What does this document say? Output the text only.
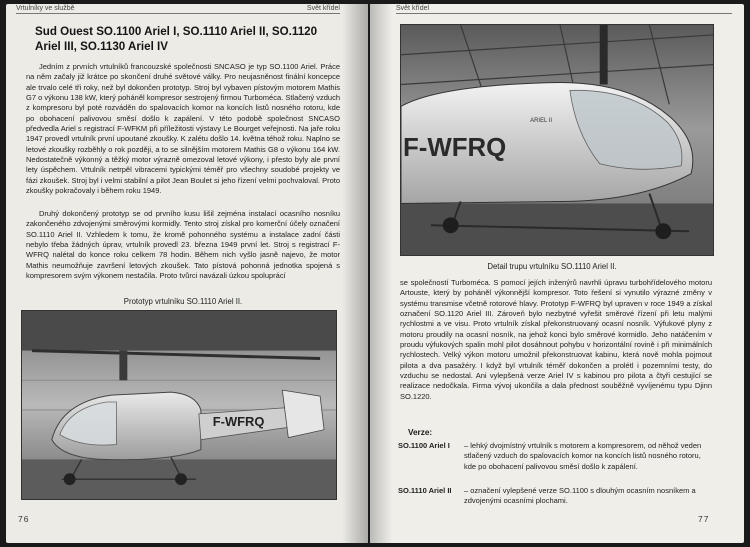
Vrtulníky ve službě	Svět křídel
Sud Ouest SO.1100 Ariel I, SO.1110 Ariel II, SO.1120 Ariel III, SO.1130 Ariel IV
Jedním z prvních vrtulníků francouzské společnosti SNCASO je typ SO.1100 Ariel. Práce na něm začaly již krátce po skončení druhé světové války. Pro neujasněnost finální koncepce ale trvalo celé tři roky, než byl dokončen prototyp. Stroj byl vybaven pístovým motorem Mathis G7 o výkonu 138 kW, který poháněl kompresor sestrojený firmou Turboméca. Stlačený vzduch z kompresoru byl poté rozváděn do spalovacích komor na koncích listů nosného rotoru, kde po obohacení palivovou směsí došlo k zapálení. V této podobě společnost SNCASO předvedla Ariel s registrací F-WFKM při příležitosti výstavy Le Bourget veřejnosti. Na jaře roku 1947 provedl vrtulník první upoutané zkoušky. K zalétu došlo 14. května téhož roku. Naplno se letové zkoušky rozběhly o rok později, a to se silnějším motorem Mathis G8 o výkonu 164 kW. Nedostatečně výkonný a těžký motor výrazně omezoval letové výkony, i přesto byly ale první lety úspěchem. Vrtulník netrpěl vibracemi typickými téměř pro všechny soudobé projekty ve fázi zkoušek. Stroj byl i velmi stabilní a pilot Jean Boulet si jeho řízení velmi pochvaloval. Proto zkoušky pokračovaly i během roku 1949.
Druhý dokončený prototyp se od prvního kusu lišil zejména instalací ocasního nosníku zakončeného zdvojenými směrovými kormidly. Tento stroj získal pro komerční účely označení SO.1110 Ariel II. Vzhledem k tomu, že kromě pohonného systému a instalace zadní části nebylo třeba žádných úprav, vrtulník provedl 23. března 1949 první let. Stroj s registrací F-WFRQ nalétal do konce roku celkem 78 hodin. Během nich vyšlo jasně najevo, že motor Mathis neumožňuje završení letových zkoušek. Tato pístová pohonná jednotka spojená s kompresorem svým výkonem nestačila. Proto tvůrci navázali úzkou spoluprácí
Prototyp vrtulníku SO.1110 Ariel II.
F-WFRQ
76
Svět křídel
ARIEL II
F-WFRQ
Detail trupu vrtulníku SO.1110 Ariel II.
se společností Turboméca. S pomocí jejích inženýrů navrhli úpravu turbohřídelového motoru Artouste, který by poháněl výkonnější kompresor. Toto řešení si vynutilo výrazné změny v systému transmise včetně rotorové hlavy. Prototyp F-WFRQ byl upraven v roce 1949 a získal označení SO.1120 Ariel III. Zároveň bylo nezbytné vyřešit směrové řízení při letu malými rychlostmi a ve visu. Proto vrtulník získal překonstruovaný ocasní nosník. Výfukové plyny z motoru proudily na ocasní nosník, na jehož konci bylo směrové kormidlo. Jeho natáčením v proudu výfukových spalin mohl pilot dosáhnout pohybu v horizontální rovině i při minimálních rychlostech. Velký výkon motoru umožnil překonstruovat kabinu, která nově mohla pojmout pilota a dva pasažéry. I když byl vrtulník téměř dokončen a prolétl i pozemními testy, do vzduchu se nedostal. Ani vylepšená verze Ariel IV s kabinou pro pilota a čtyři cestující se realizace nedočkala. Firma vývoj ukončila a dala přednost souběžně vyvíjenému typu Djinn SO.1220.
Verze:
SO.1100 Ariel I	– lehký dvojmístný vrtulník s motorem a kompresorem, od něhož veden stlačený vzduch do spalovacích komor na koncích listů nosného rotoru, kde po obohacení palivovou směsí došlo k zapálení.
SO.1110 Ariel II	– označení vylepšené verze SO.1100 s dlouhým ocasním nosníkem a zdvojenými ocasními plochami.
77
